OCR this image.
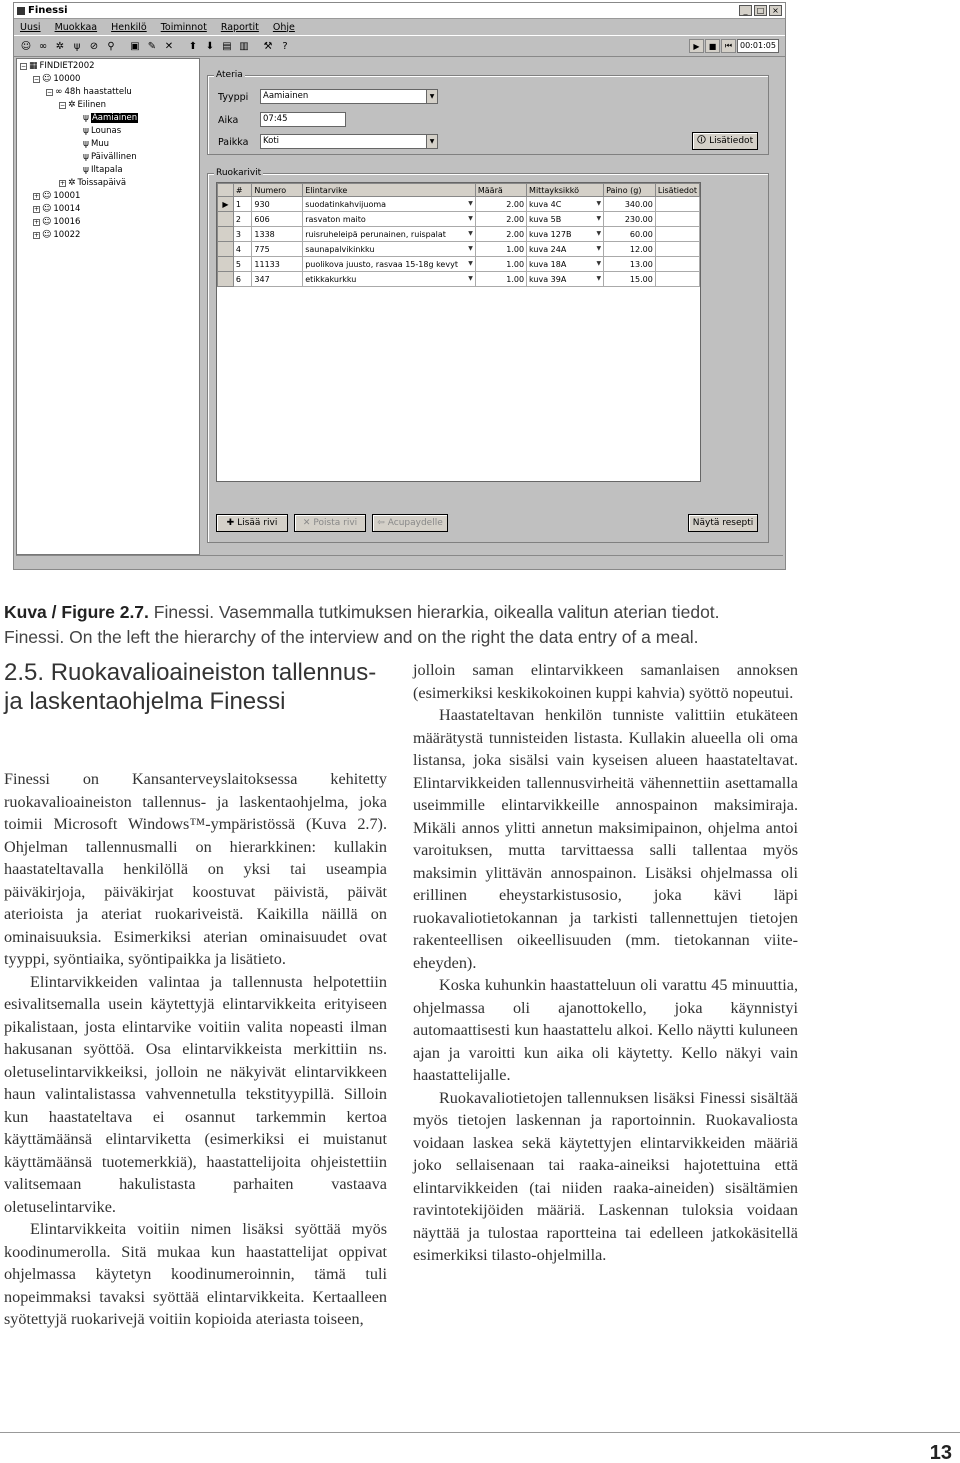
Finessi	_	□ ×
Uusi Muokkaa Henkilö Toiminnot Raportit Ohje
☺ ∞ ✲ ψ ⊘ ⚲	▣ ✎ ✕	⬆ ⬇ ▤ ▥	⚒ ?	▶	■	⏮ 00:01:05
− ▦ FINDIET2002
− ☺ 10000
− ∞ 48h haastattelu
− ✲ Eilinen
ψ Aamiainen
ψ Lounas
ψ Muu
ψ Päivällinen
ψ Iltapala
+ ✲ Toissapäivä
+ ☺ 10001
+ ☺ 10014
+ ☺ 10016
+ ☺ 10022
Ateria
Tyyppi	Aamiainen	▼
Aika	07:45
Paikka	Koti	▼	🛈 Lisätiedot
Ruokarivit
	#	Numero	Elintarvike	Määrä	Mittayksikkö	Paino (g)	Lisätiedot
▶	1	930	suodatinkahvijuoma ▼	2.00	kuva 4C ▼	340.00	
	2	606	rasvaton maito ▼	2.00	kuva 5B ▼	230.00	
	3	1338	ruisruheleipä perunainen, ruispalat ▼	2.00	kuva 127B ▼	60.00	
	4	775	saunapalvikinkku ▼	1.00	kuva 24A ▼	12.00	
	5	11133	puolikova juusto, rasvaa 15-18g kevyt ▼	1.00	kuva 18A ▼	13.00	
	6	347	etikkakurkku ▼	1.00	kuva 39A ▼	15.00	
✚ Lisää rivi	✕ Poista rivi ⇦ Acupaydelle	Näytä resepti
Kuva / Figure 2.7. Finessi. Vasemmalla tutkimuksen hierarkia, oikealla valitun aterian tiedot.
Finessi. On the left the hierarchy of the interview and on the right the data entry of a meal.
2.5. Ruokavalioaineiston tallennus- ja laskentaohjelma Finessi

Finessi on Kansanterveyslaitoksessa kehitetty ruokavalioaineiston tallennus- ja laskentaohjelma, joka toimii Microsoft Windows™-ympäristössä (Kuva 2.7). Ohjelman tallennusmalli on hierarkkinen: kullakin haastateltavalla henkilöllä on yksi tai useampia päiväkirjoja, päiväkirjat koostuvat päivistä, päivät aterioista ja ateriat ruokariveistä. Kaikilla näillä on ominaisuuksia. Esimerkiksi aterian ominaisuudet ovat tyyppi, syöntiaika, syöntipaikka ja lisätieto.

Elintarvikkeiden valintaa ja tallennusta helpotettiin esivalitsemalla usein käytettyjä elintarvikkeita erityiseen pikalistaan, josta elintarvike voitiin valita nopeasti ilman hakusanan syöttöä. Osa elintarvikkeista merkittiin ns. oletuselintarvikkeiksi, jolloin ne näkyivät elintarvikkeen haun valintalistassa vahvennetulla tekstityypillä. Silloin kun haastateltava ei osannut tarkemmin kertoa käyttämäänsä elintarviketta (esimerkiksi ei muistanut käyttämäänsä tuotemerkkiä), haastattelijoita ohjeistettiin valitsemaan hakulistasta parhaiten vastaava oletuselintarvike.

Elintarvikkeita voitiin nimen lisäksi syöttää myös koodinumerolla. Sitä mukaa kun haastattelijat oppivat ohjelmassa käytetyn koodinumeroinnin, tämä tuli nopeimmaksi tavaksi syöttää elintarvikkeita. Kertaalleen syötettyjä ruokarivejä voitiin kopioida ateriasta toiseen,

jolloin saman elintarvikkeen samanlaisen annoksen (esimerkiksi keskikokoinen kuppi kahvia) syöttö nopeutui.

Haastateltavan henkilön tunniste valittiin etukäteen määrätystä tunnisteiden listasta. Kullakin alueella oli oma listansa, joka sisälsi vain kyseisen alueen haastateltavat. Elintarvikkeiden tallennusvirheitä vähennettiin asettamalla useimmille elintarvikkeille annospainon maksimiraja. Mikäli annos ylitti annetun maksimipainon, ohjelma antoi varoituksen, mutta tarvittaessa salli tallentaa myös maksimin ylittävän annospainon. Lisäksi ohjelmassa oli erillinen eheystarkistusosio, joka kävi läpi ruokavaliotietokannan ja tarkisti tallennettujen tietojen rakenteellisen oikeellisuuden (mm. tietokannan viite-eheyden).

Koska kuhunkin haastatteluun oli varattu 45 minuuttia, ohjelmassa oli ajanottokello, joka käynnistyi automaattisesti kun haastattelu alkoi. Kello näytti kuluneen ajan ja varoitti kun aika oli käytetty. Kello näkyi vain haastattelijalle.

Ruokavaliotietojen tallennuksen lisäksi Finessi sisältää myös tietojen laskennan ja raportoinnin. Ruokavaliosta voidaan laskea sekä käytettyjen elintarvikkeiden määriä joko sellaisenaan tai raaka-aineiksi hajotettuina että elintarvikkeiden (tai niiden raaka-aineiden) sisältämien ravintotekijöiden määriä. Laskennan tuloksia voidaan näyttää ja tulostaa raportteina tai edelleen jatkokäsitellä esimerkiksi tilasto-ohjelmilla.

13
